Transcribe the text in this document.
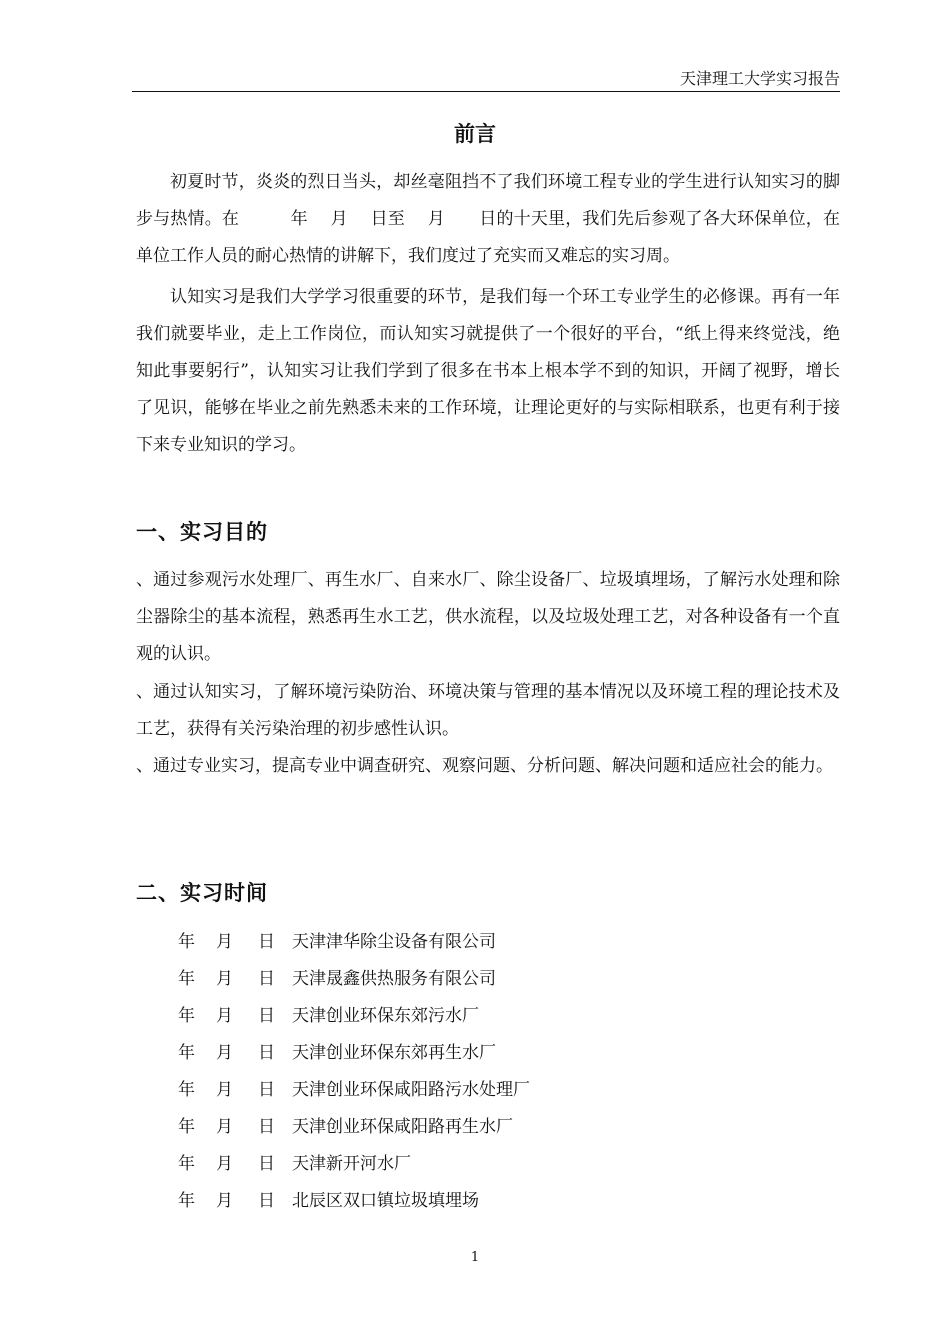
天津理工大学实习报告
前言

初夏时节，炎炎的烈日当头，却丝毫阻挡不了我们环境工程专业的学生进行认知实习的脚步与热情。在　　　年　 月　 日至　 月　　日的十天里，我们先后参观了各大环保单位，在单位工作人员的耐心热情的讲解下，我们度过了充实而又难忘的实习周。

认知实习是我们大学学习很重要的环节，是我们每一个环工专业学生的必修课。再有一年我们就要毕业，走上工作岗位，而认知实习就提供了一个很好的平台，“纸上得来终觉浅，绝知此事要躬行”，认知实习让我们学到了很多在书本上根本学不到的知识，开阔了视野，增长了见识，能够在毕业之前先熟悉未来的工作环境，让理论更好的与实际相联系，也更有利于接下来专业知识的学习。

一、实习目的

、通过参观污水处理厂、再生水厂、自来水厂、除尘设备厂、垃圾填埋场，了解污水处理和除尘器除尘的基本流程，熟悉再生水工艺，供水流程，以及垃圾处理工艺，对各种设备有一个直观的认识。

、通过认知实习，了解环境污染防治、环境决策与管理的基本情况以及环境工程的理论技术及工艺，获得有关污染治理的初步感性认识。

、通过专业实习，提高专业中调查研究、观察问题、分析问题、解决问题和适应社会的能力。

二、实习时间
年	月	日	天津津华除尘设备有限公司
年	月	日	天津晟鑫供热服务有限公司
年	月	日	天津创业环保东郊污水厂
年	月	日	天津创业环保东郊再生水厂
年	月	日	天津创业环保咸阳路污水处理厂
年	月	日	天津创业环保咸阳路再生水厂
年	月	日	天津新开河水厂
年	月	日	北辰区双口镇垃圾填埋场
1
